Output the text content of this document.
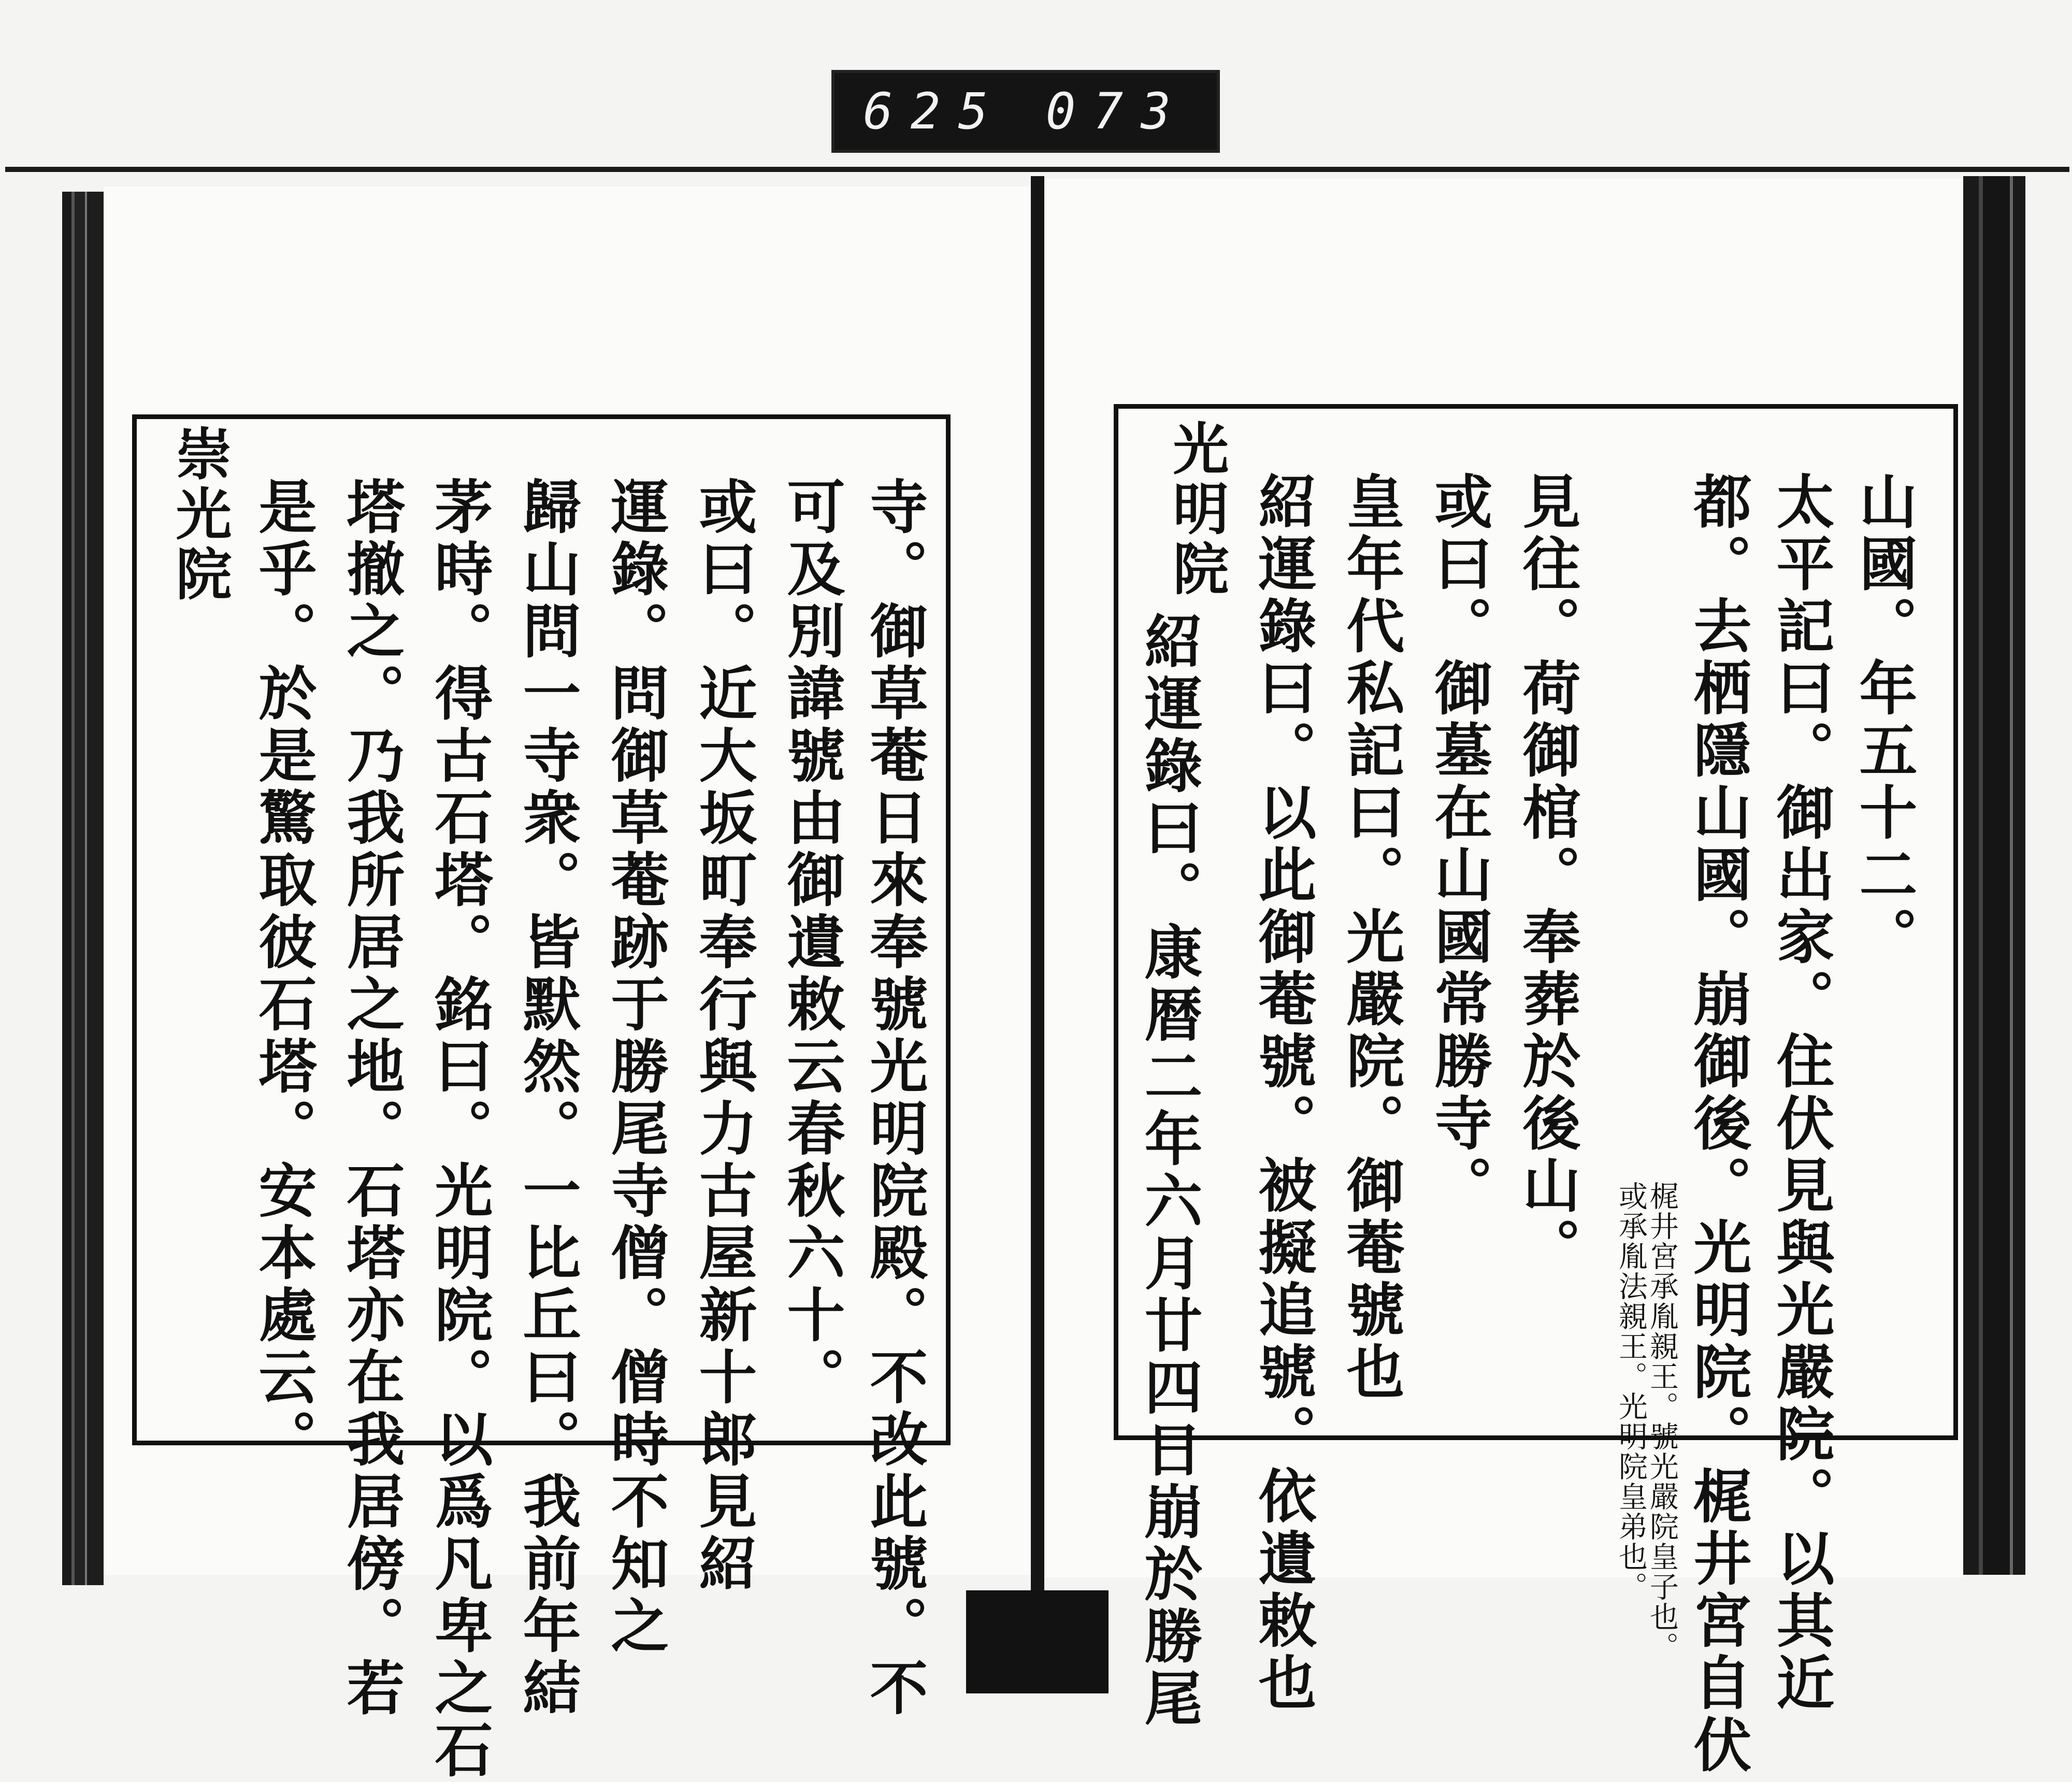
625 073
寺。御草菴日來奉號光明院殿。不改此號。不
可及別諱號由御遺敕云春秋六十。
或曰。近大坂町奉行與力古屋新十郎見紹
運錄。問御草菴跡于勝尾寺僧。僧時不知之
歸山問一寺衆。皆默然。一比丘曰。我前年結
茅時。得古石塔。銘曰。光明院。以爲凡卑之石
塔撤之。乃我所居之地。石塔亦在我居傍。若
是乎。於是驚取彼石塔。安本處云。
崇光院	山國。年五十二。
太平記曰。御出家。住伏見與光嚴院。以其近
都。去栖隱山國。崩御後。光明院。梶井宮自伏
梶井宮承胤親王。號光嚴院皇子也。
或承胤法親王。光明院皇弟也。
見往。荷御棺。奉葬於後山。
或曰。御墓在山國常勝寺。
皇年代私記曰。光嚴院。御菴號也
紹運錄曰。以此御菴號。被擬追號。依遺敕也
光明院
紹運錄曰。康暦二年六月廿四日崩於勝尾
